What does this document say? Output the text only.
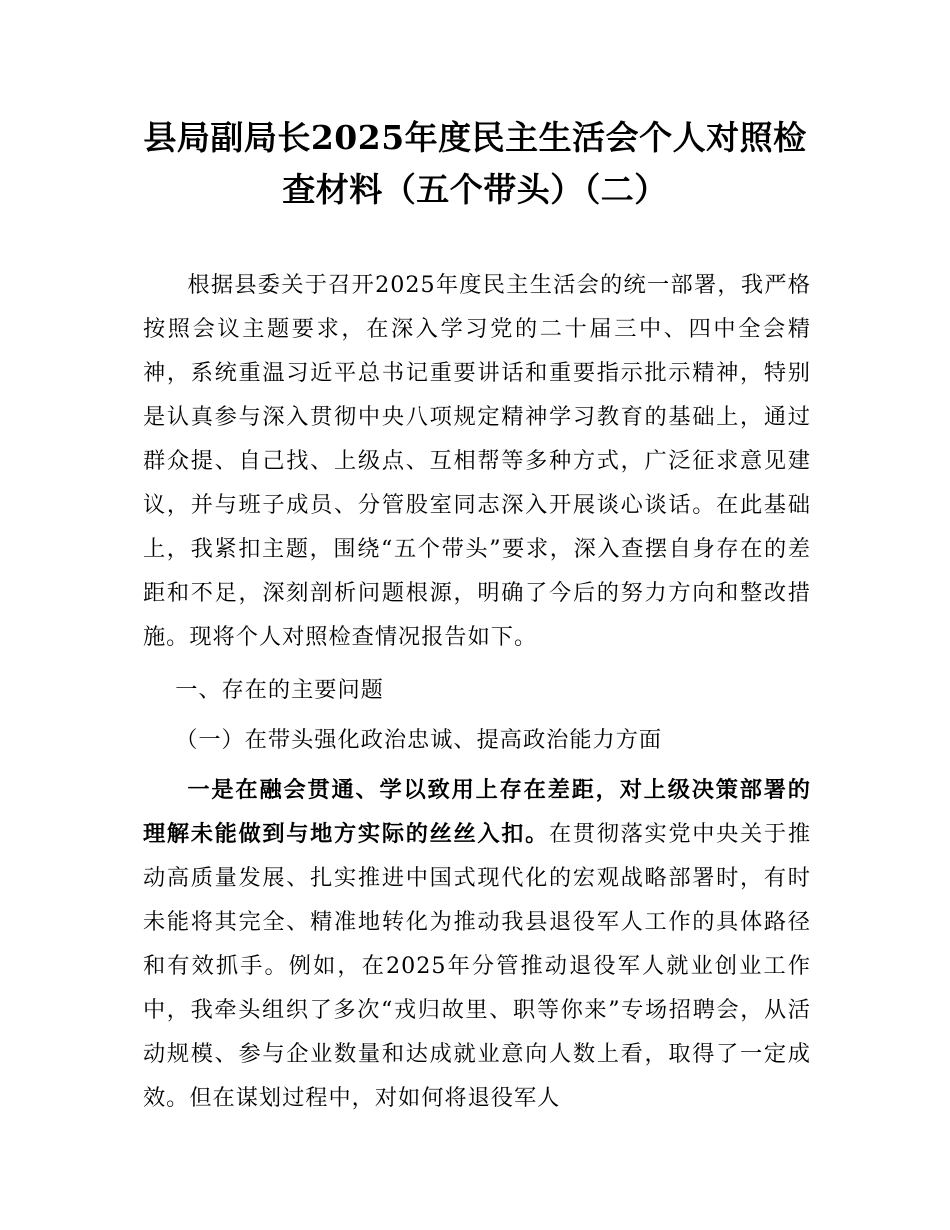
县局副局长2025年度民主生活会个人对照检查材料（五个带头）（二）

根据县委关于召开2025年度民主生活会的统一部署，我严格按照会议主题要求，在深入学习党的二十届三中、四中全会精神，系统重温习近平总书记重要讲话和重要指示批示精神，特别是认真参与深入贯彻中央八项规定精神学习教育的基础上，通过群众提、自己找、上级点、互相帮等多种方式，广泛征求意见建议，并与班子成员、分管股室同志深入开展谈心谈话。在此基础上，我紧扣主题，围绕“五个带头”要求，深入查摆自身存在的差距和不足，深刻剖析问题根源，明确了今后的努力方向和整改措施。现将个人对照检查情况报告如下。

一、存在的主要问题

（一）在带头强化政治忠诚、提高政治能力方面

一是在融会贯通、学以致用上存在差距，对上级决策部署的理解未能做到与地方实际的丝丝入扣。在贯彻落实党中央关于推动高质量发展、扎实推进中国式现代化的宏观战略部署时，有时未能将其完全、精准地转化为推动我县退役军人工作的具体路径和有效抓手。例如，在2025年分管推动退役军人就业创业工作中，我牵头组织了多次“戎归故里、职等你来”专场招聘会，从活动规模、参与企业数量和达成就业意向人数上看，取得了一定成效。但在谋划过程中，对如何将退役军人
